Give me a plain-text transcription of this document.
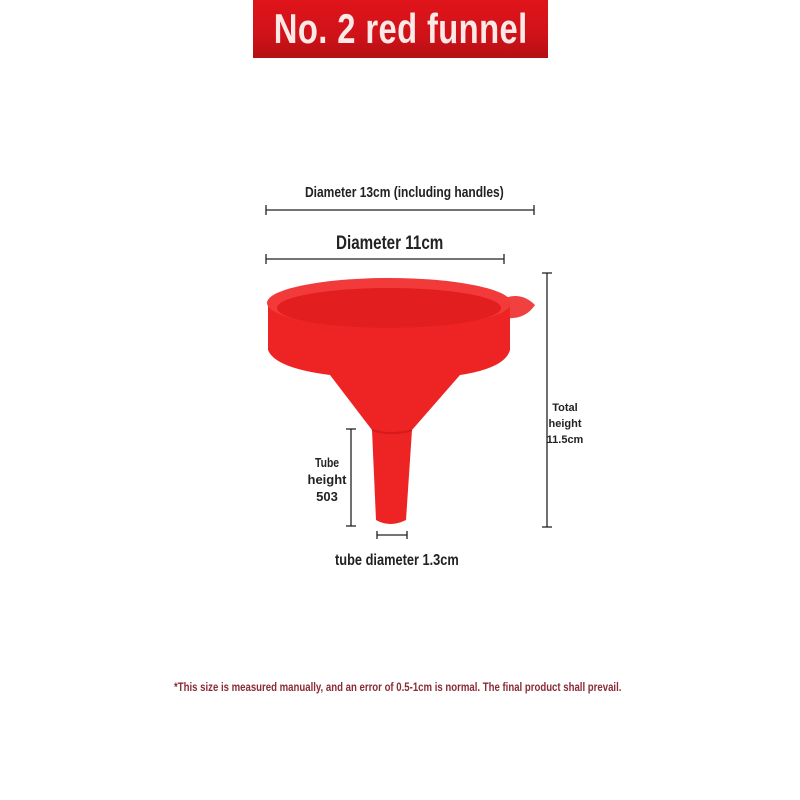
No. 2 red funnel
Diameter 13cm (including handles)
Diameter 11cm
Tube
height
503
Total
height
11.5cm
tube diameter 1.3cm
*This size is measured manually, and an error of 0.5-1cm is normal. The final product shall prevail.
